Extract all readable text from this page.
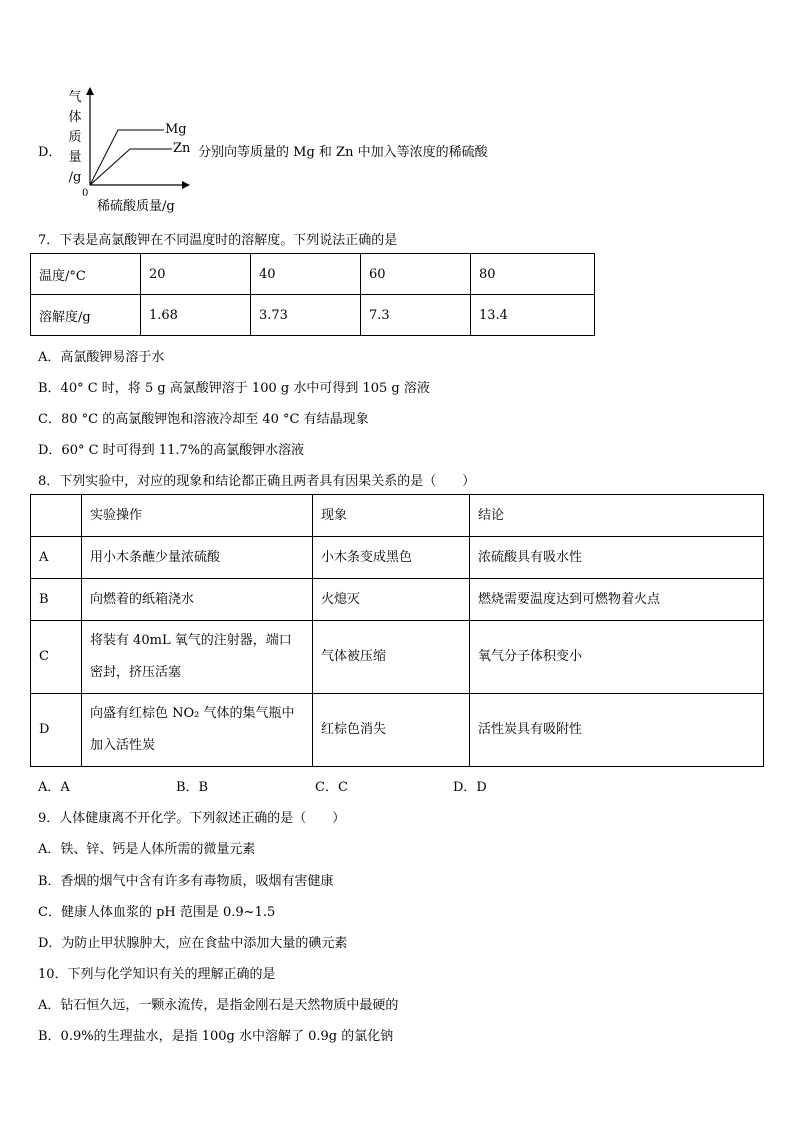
D．
气
体
质
量
/g
0
稀硫酸质量/g
Mg
Zn 分别向等质量的 Mg 和 Zn 中加入等浓度的稀硫酸
7．下表是高氯酸钾在不同温度时的溶解度。下列说法正确的是
温度/°C	20	40	60	80
溶解度/g	1.68	3.73	7.3	13.4
A．高氯酸钾易溶于水
B．40° C 时，将 5 g 高氯酸钾溶于 100 g 水中可得到 105 g 溶液
C．80 °C 的高氯酸钾饱和溶液冷却至 40 °C 有结晶现象
D．60° C 时可得到 11.7%的高氯酸钾水溶液
8．下列实验中，对应的现象和结论都正确且两者具有因果关系的是（　　）
	实验操作	现象	结论
A	用小木条蘸少量浓硫酸	小木条变成黑色	浓硫酸具有吸水性
B	向燃着的纸箱浇水	火熄灭	燃烧需要温度达到可燃物着火点
C	将装有 40mL 氧气的注射器，端口密封，挤压活塞	气体被压缩	氧气分子体积变小
D	向盛有红棕色 NO₂ 气体的集气瓶中加入活性炭	红棕色消失	活性炭具有吸附性
A．A	B．B	C．C	D．D
9．人体健康离不开化学。下列叙述正确的是（　　）
A．铁、锌、钙是人体所需的微量元素
B．香烟的烟气中含有许多有毒物质，吸烟有害健康
C．健康人体血浆的 pH 范围是 0.9~1.5
D．为防止甲状腺肿大，应在食盐中添加大量的碘元素
10．下列与化学知识有关的理解正确的是
A．钻石恒久远，一颗永流传，是指金刚石是天然物质中最硬的
B．0.9%的生理盐水，是指 100g 水中溶解了 0.9g 的氯化钠
